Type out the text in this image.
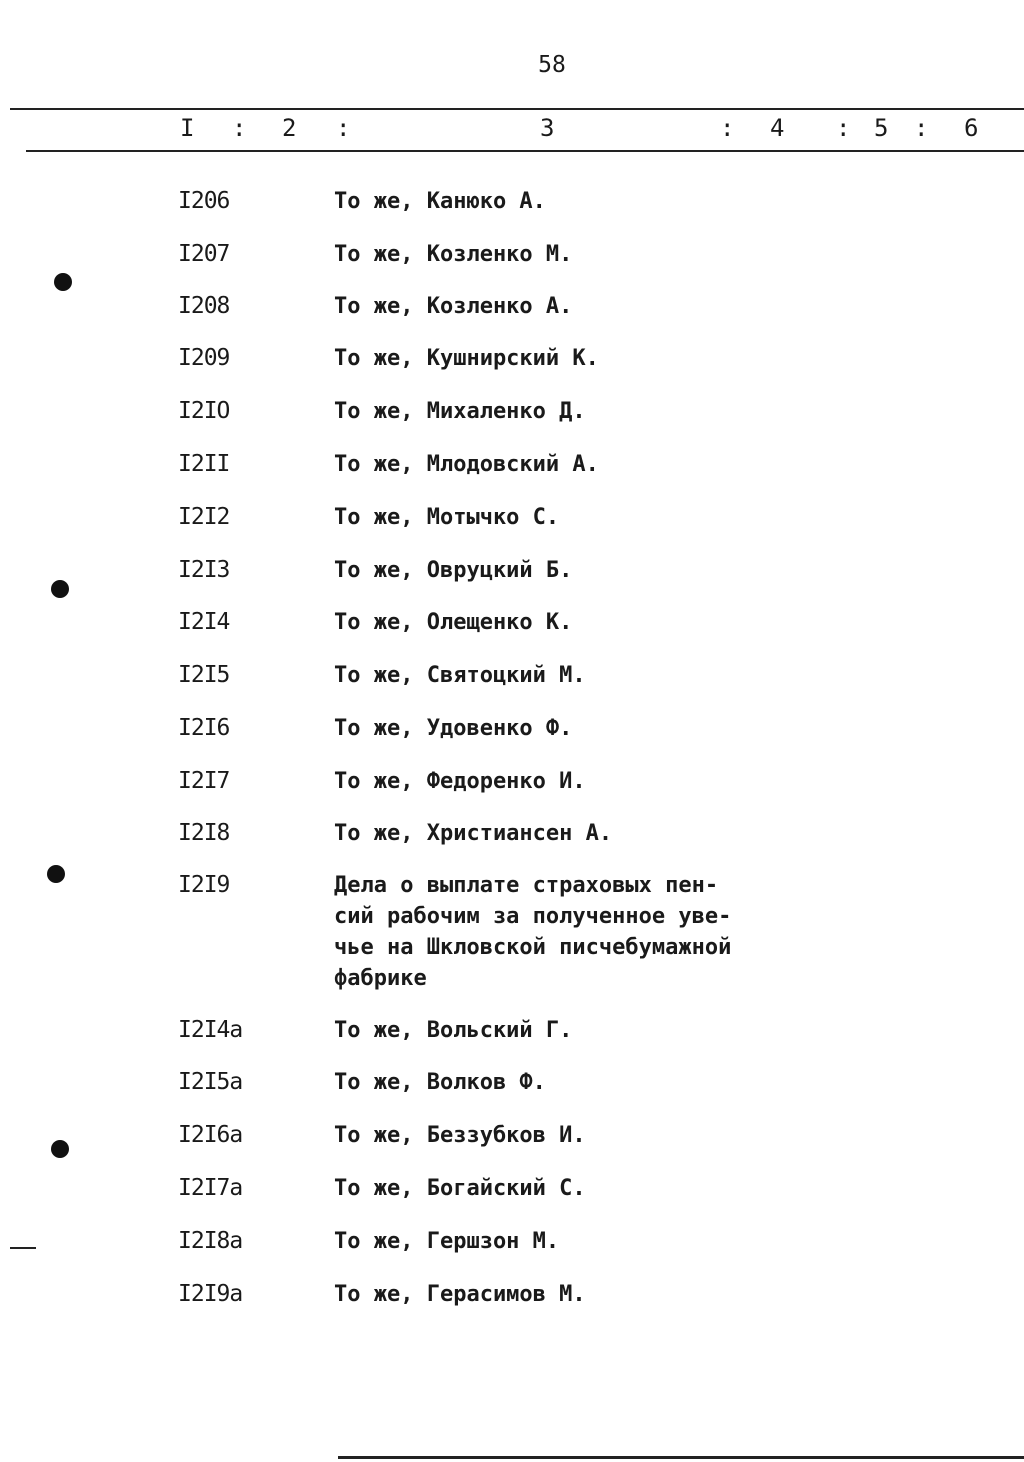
58
I : 2 :	3	: 4 : 5 : 6
I206	То же, Канюко А.
I207	То же, Козленко М.
I208	То же, Козленко А.
I209	То же, Кушнирский К.
I2IO	То же, Михаленко Д.
I2II	То же, Млодовский А.
I2I2	То же, Мотычко С.
I2I3	То же, Овруцкий Б.
I2I4	То же, Олещенко К.
I2I5	То же, Святоцкий М.
I2I6	То же, Удовенко Ф.
I2I7	То же, Федоренко И.
I2I8	То же, Христиансен А.
I2I9	Дела о выплате страховых пен-
сий рабочим за полученное уве-
чье на Шкловской писчебумажной
фабрике
I2I4а	То же, Вольский Г.
I2I5а	То же, Волков Ф.
I2I6а	То же, Беззубков И.
I2I7а	То же, Богайский С.
I2I8а	То же, Гершзон М.
I2I9а	То же, Герасимов М.
